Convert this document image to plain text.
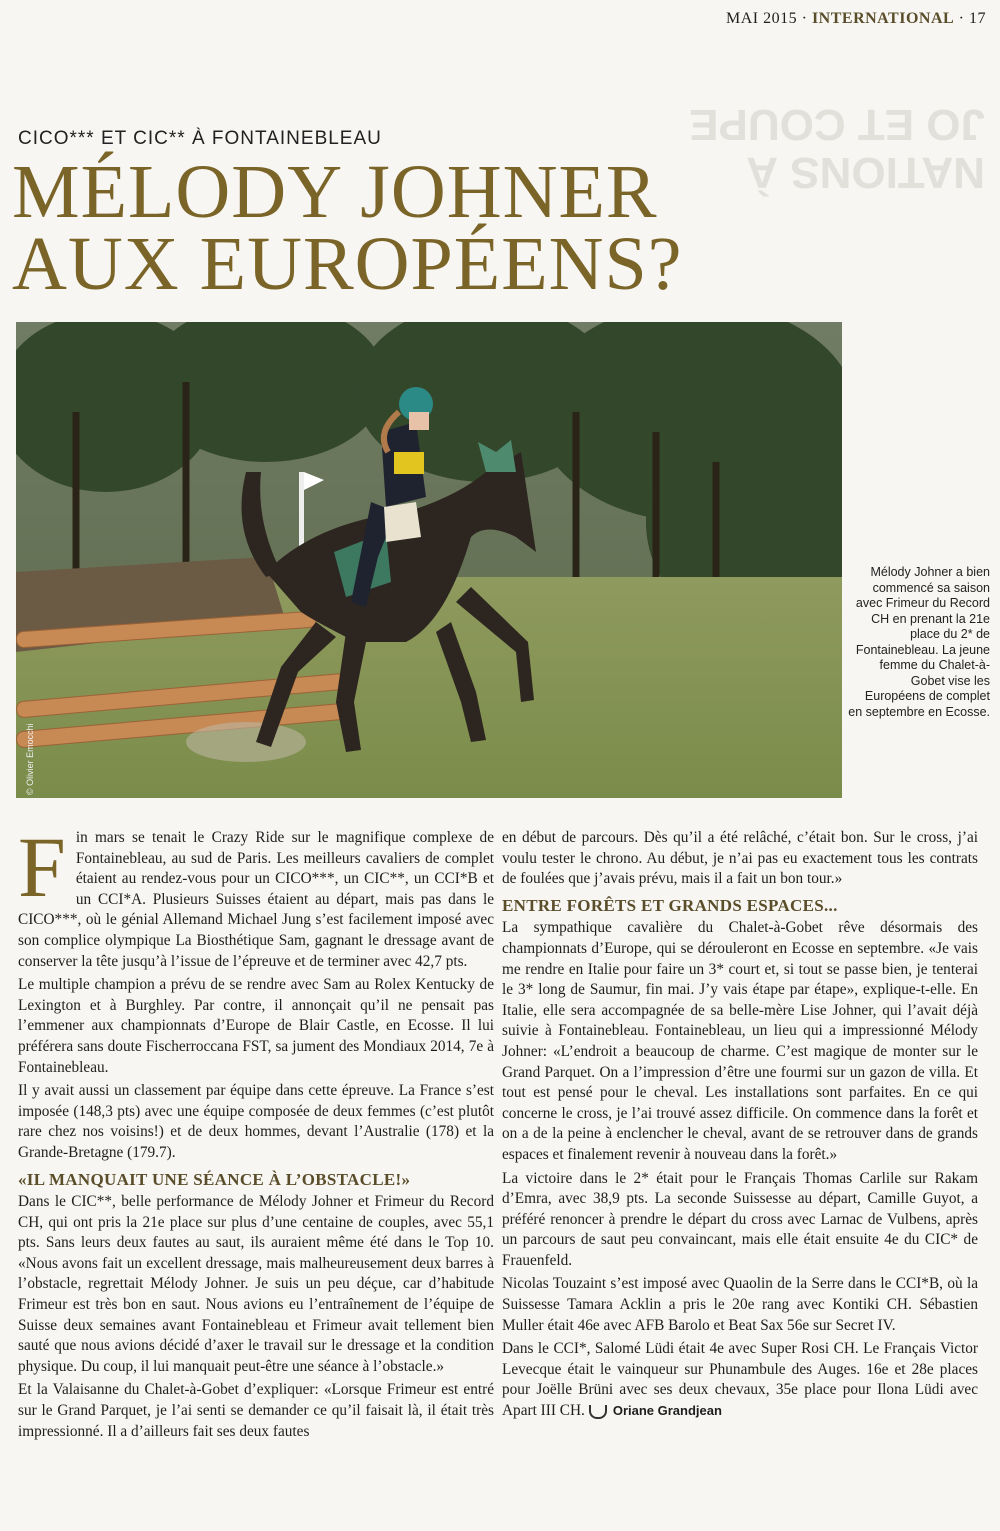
MAI 2015 · INTERNATIONAL · 17
JO ET COUPE
NATIONS À
CICO*** ET CIC** À FONTAINEBLEAU
MÉLODY JOHNER
AUX EUROPÉENS?
© Olivier Emocchi
Mélody Johner a bien commencé sa saison avec Frimeur du Record CH en prenant la 21e place du 2* de Fontainebleau. La jeune femme du Chalet-à-Gobet vise les Européens de complet en septembre en Ecosse.
F in mars se tenait le Crazy Ride sur le magnifique complexe de Fontainebleau, au sud de Paris. Les meilleurs cavaliers de complet étaient au rendez-vous pour un CICO***, un CIC**, un CCI*B et un CCI*A. Plusieurs Suisses étaient au départ, mais pas dans le CICO***, où le génial Allemand Michael Jung s’est facilement imposé avec son complice olympique La Biosthétique Sam, gagnant le dressage avant de conserver la tête jusqu’à l’issue de l’épreuve et de terminer avec 42,7 pts.

Le multiple champion a prévu de se rendre avec Sam au Rolex Kentucky de Lexington et à Burghley. Par contre, il annonçait qu’il ne pensait pas l’emmener aux championnats d’Europe de Blair Castle, en Ecosse. Il lui préférera sans doute Fischerroccana FST, sa jument des Mondiaux 2014, 7e à Fontainebleau.

Il y avait aussi un classement par équipe dans cette épreuve. La France s’est imposée (148,3 pts) avec une équipe composée de deux femmes (c’est plutôt rare chez nos voisins!) et de deux hommes, devant l’Australie (178) et la Grande-Bretagne (179.7).

«IL MANQUAIT UNE SÉANCE À L’OBSTACLE!»

Dans le CIC**, belle performance de Mélody Johner et Frimeur du Record CH, qui ont pris la 21e place sur plus d’une centaine de couples, avec 55,1 pts. Sans leurs deux fautes au saut, ils auraient même été dans le Top 10. «Nous avons fait un excellent dressage, mais malheureusement deux barres à l’obstacle, regrettait Mélody Johner. Je suis un peu déçue, car d’habitude Frimeur est très bon en saut. Nous avions eu l’entraînement de l’équipe de Suisse deux semaines avant Fontainebleau et Frimeur avait tellement bien sauté que nous avions décidé d’axer le travail sur le dressage et la condition physique. Du coup, il lui manquait peut-être une séance à l’obstacle.»

Et la Valaisanne du Chalet-à-Gobet d’expliquer: «Lorsque Frimeur est entré sur le Grand Parquet, je l’ai senti se demander ce qu’il faisait là, il était très impressionné. Il a d’ailleurs fait ses deux fautes

en début de parcours. Dès qu’il a été relâché, c’était bon. Sur le cross, j’ai voulu tester le chrono. Au début, je n’ai pas eu exactement tous les contrats de foulées que j’avais prévu, mais il a fait un bon tour.»

ENTRE FORÊTS ET GRANDS ESPACES...

La sympathique cavalière du Chalet-à-Gobet rêve désormais des championnats d’Europe, qui se dérouleront en Ecosse en septembre. «Je vais me rendre en Italie pour faire un 3* court et, si tout se passe bien, je tenterai le 3* long de Saumur, fin mai. J’y vais étape par étape», explique-t-elle. En Italie, elle sera accompagnée de sa belle-mère Lise Johner, qui l’avait déjà suivie à Fontainebleau. Fontainebleau, un lieu qui a impressionné Mélody Johner: «L’endroit a beaucoup de charme. C’est magique de monter sur le Grand Parquet. On a l’impression d’être une fourmi sur un gazon de villa. Et tout est pensé pour le cheval. Les installations sont parfaites. En ce qui concerne le cross, je l’ai trouvé assez difficile. On commence dans la forêt et on a de la peine à enclencher le cheval, avant de se retrouver dans de grands espaces et finalement revenir à nouveau dans la forêt.»

La victoire dans le 2* était pour le Français Thomas Carlile sur Rakam d’Emra, avec 38,9 pts. La seconde Suissesse au départ, Camille Guyot, a préféré renoncer à prendre le départ du cross avec Larnac de Vulbens, après un parcours de saut peu convaincant, mais elle était ensuite 4e du CIC* de Frauenfeld.

Nicolas Touzaint s’est imposé avec Quaolin de la Serre dans le CCI*B, où la Suissesse Tamara Acklin a pris le 20e rang avec Kontiki CH. Sébastien Muller était 46e avec AFB Barolo et Beat Sax 56e sur Secret IV.

Dans le CCI*, Salomé Lüdi était 4e avec Super Rosi CH. Le Français Victor Levecque était le vainqueur sur Phunambule des Auges. 16e et 28e places pour Joëlle Brüni avec ses deux chevaux, 35e place pour Ilona Lüdi avec Apart III CH. Oriane Grandjean
